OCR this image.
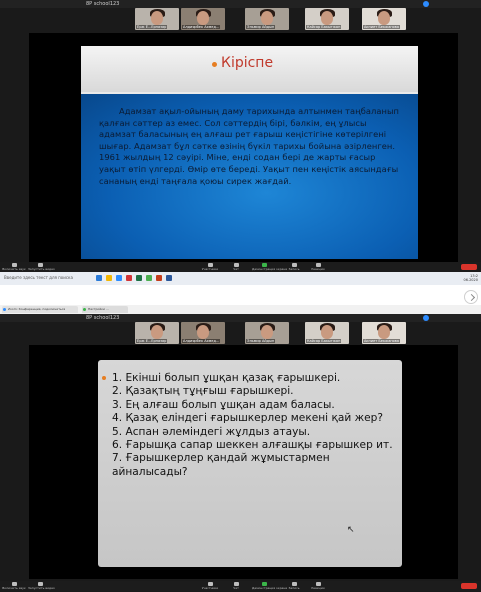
8Р school123
Ерж Е...Ерназар	Алдиярбек Ахмед...	Эльмир Айдын	Кайсар Бакытжан	Акниет Бекжанова
Кіріспе
Адамзат ақыл-ойының даму тарихында алтынмен таңбаланып қалған сәттер аз емес. Сол сәттердің бірі, бәлкім, ең ұлысы адамзат баласының ең алғаш рет ғарыш кеңістігіне көтерілгені шығар. Адамзат бұл сәтке өзінің бүкіл тарихы бойына әзірленген. 1961 жылдың 12 сәуірі. Міне, енді содан бері де жарты ғасыр уақыт өтіп үлгерді. Өмір өте береді. Уақыт пен кеңістік аясындағы сананың енді таңғала қоюы сирек жағдай.
Включить звук Запустить видео	Участники	Чат	Демонстрация экрана Запись	Реакции
Введите здесь текст для поиска	13:2
06.2020
Zoom: Конференция, подключиться	Настройки ...
8Р school123
Ерж Е...Ерназар	Алдиярбек Ахмед...	Эльмир Айдын	Кайсар Бакытжан	Акниет Бекжанова
1. Екінші болып ұшқан қазақ ғарышкері.
2. Қазақтың тұңғыш ғарышкері.
3. Ең алғаш болып ұшқан адам баласы.
4. Қазақ еліндегі ғарышкерлер мекені қай жер?
5. Аспан әлеміндегі жұлдыз атауы.
6. Ғарышқа сапар шеккен алғашқы ғарышкер ит.
7. Ғарышкерлер қандай жұмыстармен айналысады?
↖
Включить звук Запустить видео	Участники	Чат	Демонстрация экрана Запись	Реакции
